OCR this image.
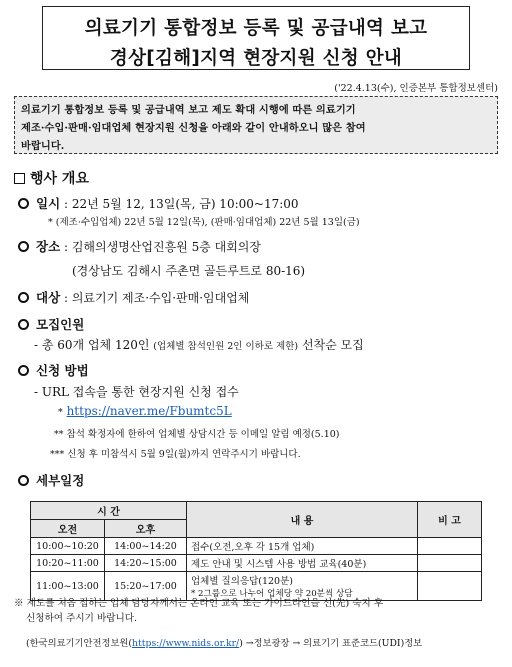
의료기기 통합정보 등록 및 공급내역 보고
경상[김해]지역 현장지원 신청 안내
('22.4.13(수), 인증본부 통합정보센터)
의료기기 통합정보 등록 및 공급내역 보고 제도 확대 시행에 따른 의료기기
제조·수입·판매·임대업체 현장지원 신청을 아래와 같이 안내하오니 많은 참여
바랍니다.
행사 개요
일시 : 22년 5월 12, 13일(목, 금) 10:00~17:00
* (제조·수입업체) 22년 5월 12일(목), (판매·임대업체) 22년 5월 13일(금)
장소 : 김해의생명산업진흥원 5층 대회의장
(경상남도 김해시 주촌면 골든루트로 80-16)
대상 : 의료기기 제조·수입·판매·임대업체
모집인원
- 총 60개 업체 120인 (업체별 참석인원 2인 이하로 제한) 선착순 모집
신청 방법
- URL 접속을 통한 현장지원 신청 접수
* https://naver.me/Fbumtc5L
** 참석 확정자에 한하여 업체별 상담시간 등 이메일 알림 예정(5.10)
*** 신청 후 미참석시 5월 9일(월)까지 연락주시기 바랍니다.
세부일정
시 간		내 용	비 고
오전	오후		
10:00~10:20	14:00~14:20	접수(오전,오후 각 15개 업체)	
10:20~11:00	14:20~15:00	제도 안내 및 시스템 사용 방법 교육(40분)	
11:00~13:00	15:20~17:00	업체별 질의응답(120분)
* 2그룹으로 나누어 업체당 약 20분씩 상담	

※ 제도를 처음 접하는 업체 담당자께서는 온라인 교육 또는 가이드라인을 선(先) 숙지 후
신청하여 주시기 바랍니다.
(한국의료기기안전정보원(https://www.nids.or.kr/) →정보광장 → 의료기기 표준코드(UDI)정보
